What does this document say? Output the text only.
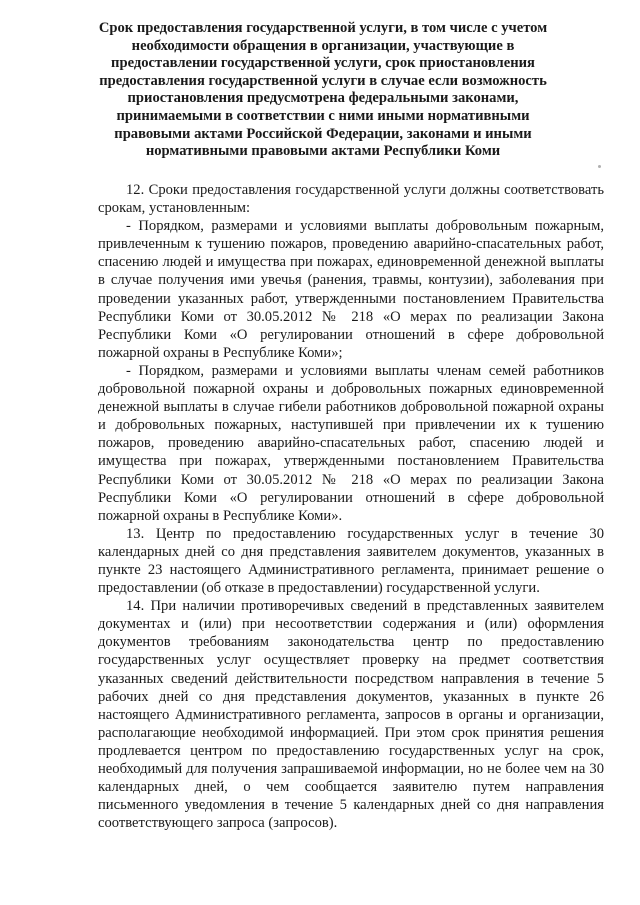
Срок предоставления государственной услуги, в том числе с учетом необходимости обращения в организации, участвующие в предоставлении государственной услуги, срок приостановления предоставления государственной услуги в случае если возможность приостановления предусмотрена федеральными законами, принимаемыми в соответствии с ними иными нормативными правовыми актами Российской Федерации, законами и иными нормативными правовыми актами Республики Коми

12. Сроки предоставления государственной услуги должны соответствовать срокам, установленным:

- Порядком, размерами и условиями выплаты добровольным пожарным, привлеченным к тушению пожаров, проведению аварийно-спасательных работ, спасению людей и имущества при пожарах, единовременной денежной выплаты в случае получения ими увечья (ранения, травмы, контузии), заболевания при проведении указанных работ, утвержденными постановлением Правительства Республики Коми от 30.05.2012 № 218 «О мерах по реализации Закона Республики Коми «О регулировании отношений в сфере добровольной пожарной охраны в Республике Коми»;

- Порядком, размерами и условиями выплаты членам семей работников добровольной пожарной охраны и добровольных пожарных единовременной денежной выплаты в случае гибели работников добровольной пожарной охраны и добровольных пожарных, наступившей при привлечении их к тушению пожаров, проведению аварийно-спасательных работ, спасению людей и имущества при пожарах, утвержденными постановлением Правительства Республики Коми от 30.05.2012 № 218 «О мерах по реализации Закона Республики Коми «О регулировании отношений в сфере добровольной пожарной охраны в Республике Коми».

13. Центр по предоставлению государственных услуг в течение 30 календарных дней со дня представления заявителем документов, указанных в пункте 23 настоящего Административного регламента, принимает решение о предоставлении (об отказе в предоставлении) государственной услуги.

14. При наличии противоречивых сведений в представленных заявителем документах и (или) при несоответствии содержания и (или) оформления документов требованиям законодательства центр по предоставлению государственных услуг осуществляет проверку на предмет соответствия указанных сведений действительности посредством направления в течение 5 рабочих дней со дня представления документов, указанных в пункте 26 настоящего Административного регламента, запросов в органы и организации, располагающие необходимой информацией. При этом срок принятия решения продлевается центром по предоставлению государственных услуг на срок, необходимый для получения запрашиваемой информации, но не более чем на 30 календарных дней, о чем сообщается заявителю путем направления письменного уведомления в течение 5 календарных дней со дня направления соответствующего запроса (запросов).
